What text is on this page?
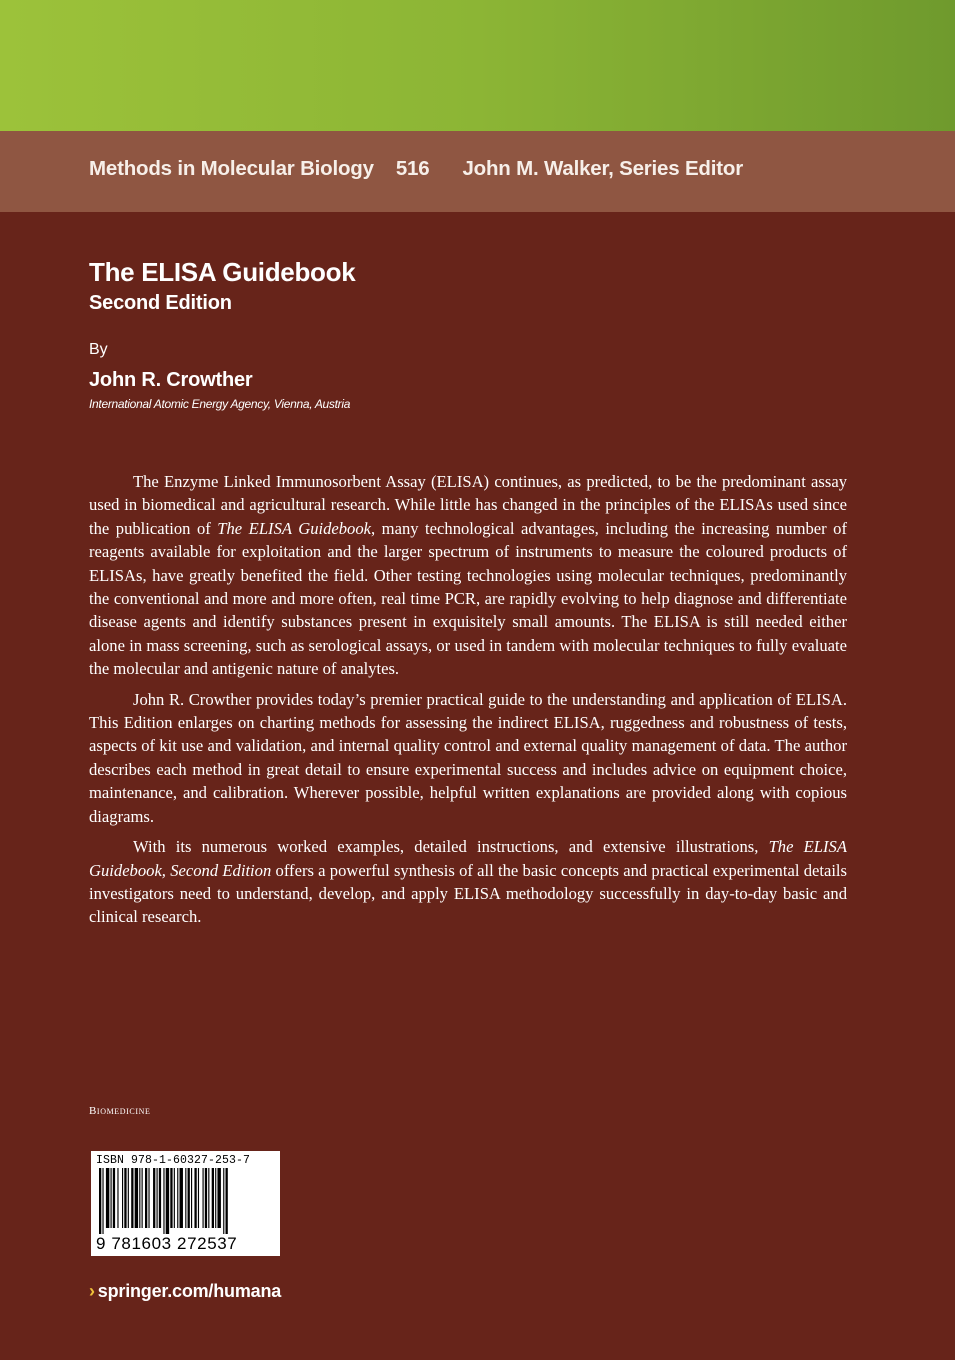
Methods in Molecular Biology 516 John M. Walker, Series Editor
The ELISA Guidebook
Second Edition
By
John R. Crowther
International Atomic Energy Agency, Vienna, Austria

The Enzyme Linked Immunosorbent Assay (ELISA) continues, as predicted, to be the predominant assay used in biomedical and agricultural research. While little has changed in the principles of the ELISAs used since the publication of The ELISA Guidebook, many technological advantages, including the increasing number of reagents available for exploitation and the larger spectrum of instruments to measure the coloured products of ELISAs, have greatly benefited the field. Other testing technologies using molecular techniques, predominantly the conventional and more and more often, real time PCR, are rapidly evolving to help diagnose and differentiate disease agents and identify substances present in exquisitely small amounts. The ELISA is still needed either alone in mass screening, such as serological assays, or used in tandem with molecular techniques to fully evaluate the molecular and antigenic nature of analytes.

John R. Crowther provides today’s premier practical guide to the understanding and application of ELISA. This Edition enlarges on charting methods for assessing the indirect ELISA, ruggedness and robustness of tests, aspects of kit use and validation, and internal quality control and external quality management of data. The author describes each method in great detail to ensure experimental success and includes advice on equipment choice, maintenance, and calibration. Wherever possible, helpful written explanations are provided along with copious diagrams.

With its numerous worked examples, detailed instructions, and extensive illustrations, The ELISA Guidebook, Second Edition offers a powerful synthesis of all the basic concepts and practical experimental details investigators need to understand, develop, and apply ELISA methodology successfully in day-to-day basic and clinical research.

Biomedicine
ISBN 978-1-60327-253-7
9 781603 272537
› springer.com/humana
